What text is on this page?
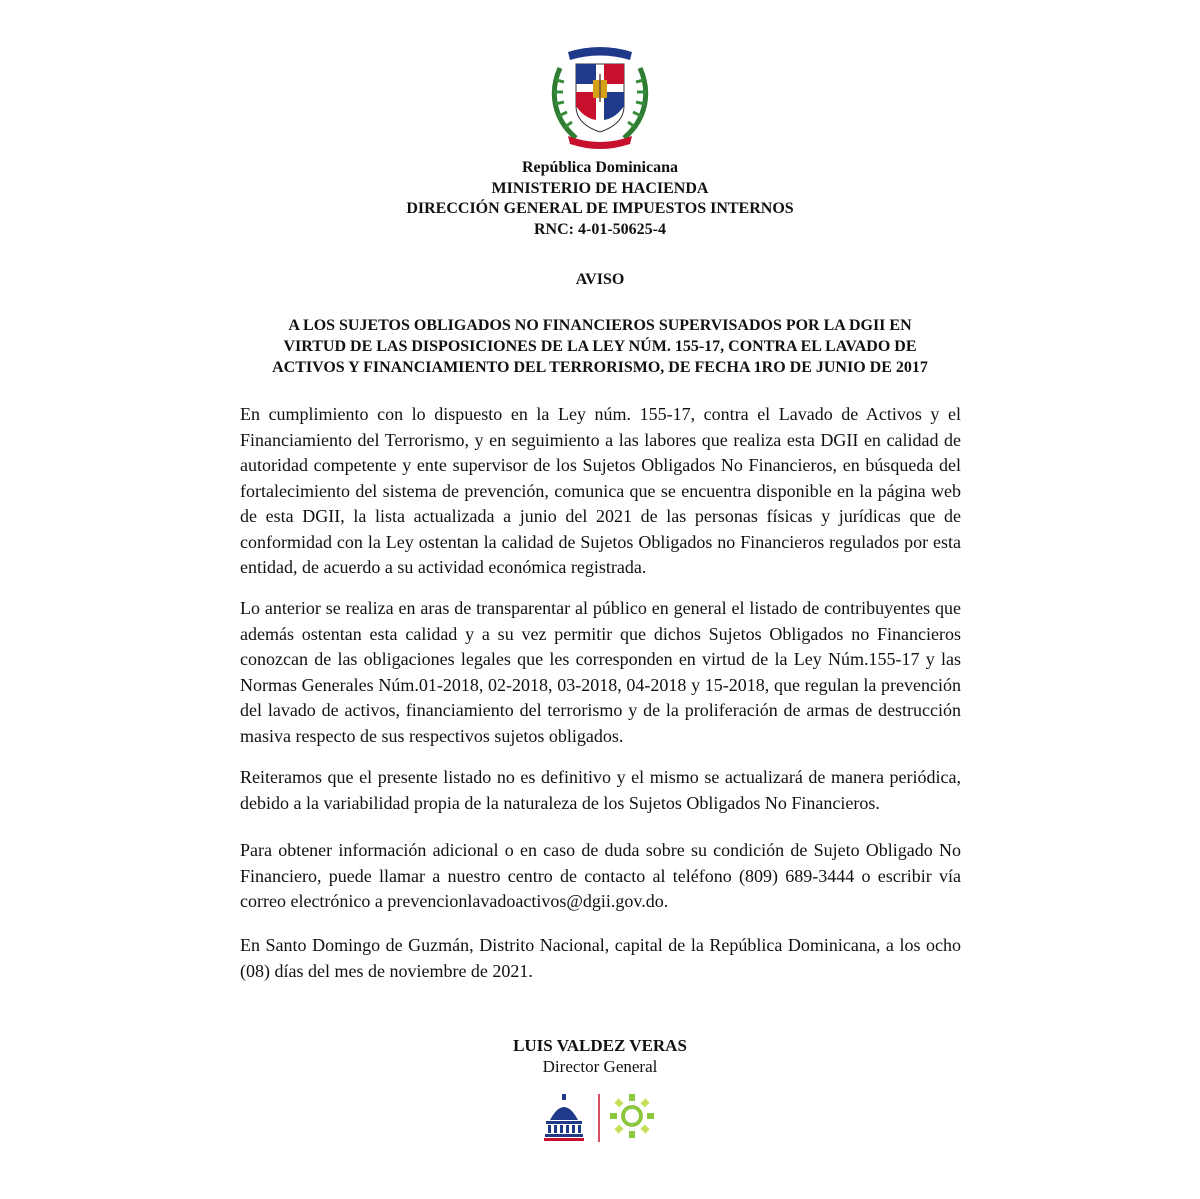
República Dominicana
MINISTERIO DE HACIENDA
DIRECCIÓN GENERAL DE IMPUESTOS INTERNOS
RNC: 4-01-50625-4
AVISO
A LOS SUJETOS OBLIGADOS NO FINANCIEROS SUPERVISADOS POR LA DGII EN
VIRTUD DE LAS DISPOSICIONES DE LA LEY NÚM. 155-17, CONTRA EL LAVADO DE
ACTIVOS Y FINANCIAMIENTO DEL TERRORISMO, DE FECHA 1RO DE JUNIO DE 2017

En cumplimiento con lo dispuesto en la Ley núm. 155-17, contra el Lavado de Activos y el Financiamiento del Terrorismo, y en seguimiento a las labores que realiza esta DGII en calidad de autoridad competente y ente supervisor de los Sujetos Obligados No Financieros, en búsqueda del fortalecimiento del sistema de prevención, comunica que se encuentra disponible en la página web de esta DGII, la lista actualizada a junio del 2021 de las personas físicas y jurídicas que de conformidad con la Ley ostentan la calidad de Sujetos Obligados no Financieros regulados por esta entidad, de acuerdo a su actividad económica registrada.

Lo anterior se realiza en aras de transparentar al público en general el listado de contribuyentes que además ostentan esta calidad y a su vez permitir que dichos Sujetos Obligados no Financieros conozcan de las obligaciones legales que les corresponden en virtud de la Ley Núm.155-17 y las Normas Generales Núm.01-2018, 02-2018, 03-2018, 04-2018 y 15-2018, que regulan la prevención del lavado de activos, financiamiento del terrorismo y de la proliferación de armas de destrucción masiva respecto de sus respectivos sujetos obligados.

Reiteramos que el presente listado no es definitivo y el mismo se actualizará de manera periódica, debido a la variabilidad propia de la naturaleza de los Sujetos Obligados No Financieros.

Para obtener información adicional o en caso de duda sobre su condición de Sujeto Obligado No Financiero, puede llamar a nuestro centro de contacto al teléfono (809) 689-3444 o escribir vía correo electrónico a prevencionlavadoactivos@dgii.gov.do.

En Santo Domingo de Guzmán, Distrito Nacional, capital de la República Dominicana, a los ocho (08) días del mes de noviembre de 2021.

LUIS VALDEZ VERAS
Director General
